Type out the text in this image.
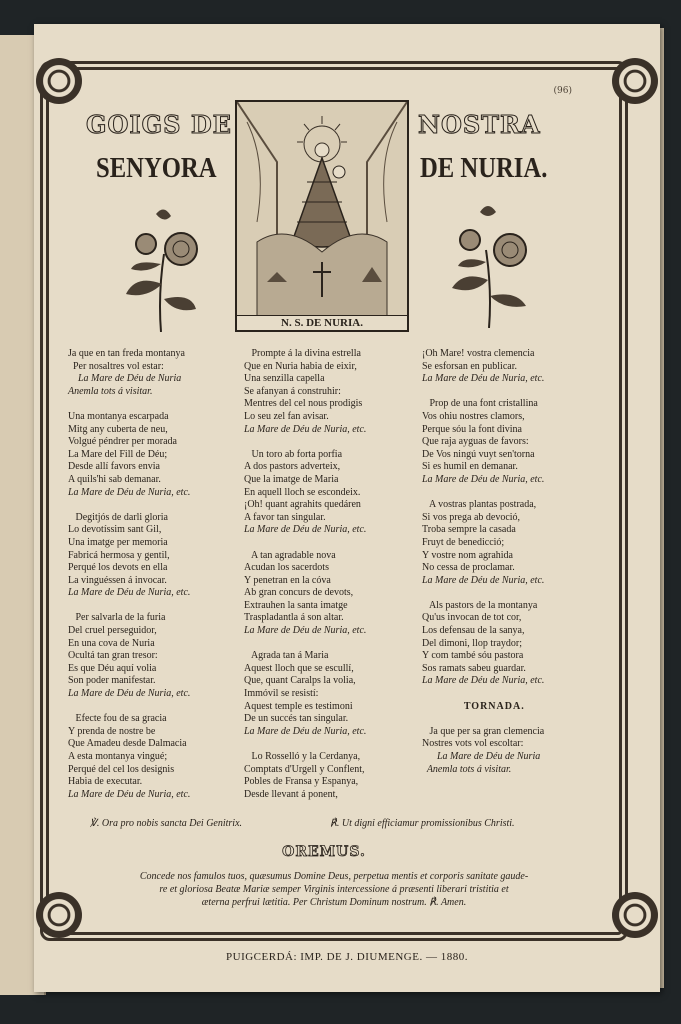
(96)
GOIGS DE	NOSTRA
SENYORA	DE NURIA.
N. S. DE NURIA.
Ja que en tan freda montanya
Per nosaltres vol estar:
La Mare de Déu de Nuria
Anemla tots á visitar.

Una montanya escarpada
Mitg any cuberta de neu,
Volgué péndrer per morada
La Mare del Fill de Déu;
Desde allí favors envia
A quils'hi sab demanar.
La Mare de Déu de Nuria, etc.

Degitjós de darli gloria
Lo devotíssim sant Gil,
Una imatge per memoria
Fabricá hermosa y gentil,
Perqué los devots en ella
La vinguéssen á invocar.
La Mare de Déu de Nuria, etc.

Per salvarla de la furia
Del cruel perseguidor,
En una cova de Nuria
Ocultá tan gran tresor:
Es que Déu aquí volia
Son poder manifestar.
La Mare de Déu de Nuria, etc.

Efecte fou de sa gracia
Y prenda de nostre be
Que Amadeu desde Dalmacia
A esta montanya vingué;
Perqué del cel los designis
Habia de executar.
La Mare de Déu de Nuria, etc.
Prompte á la divina estrella
Que en Nuria habia de eixir,
Una senzilla capella
Se afanyan á construhir:
Mentres del cel nous prodigis
Lo seu zel fan avisar.
La Mare de Déu de Nuria, etc.

Un toro ab forta porfia
A dos pastors adverteix,
Que la imatge de Maria
En aquell lloch se escondeix.
¡Oh! quant agrahits quedáren
A favor tan singular.
La Mare de Déu de Nuria, etc.

A tan agradable nova
Acudan los sacerdots
Y penetran en la cóva
Ab gran concurs de devots,
Extrauhen la santa imatge
Traspladantla á son altar.
La Mare de Déu de Nuria, etc.

Agrada tan á Maria
Aquest lloch que se escullí,
Que, quant Caralps la volia,
Immóvil se resistí:
Aquest temple es testimoni
De un succés tan singular.
La Mare de Déu de Nuria, etc.

Lo Rosselló y la Cerdanya,
Comptats d'Urgell y Conflent,
Pobles de Fransa y Espanya,
Desde llevant á ponent,
¡Oh Mare! vostra clemencia
Se esforsan en publicar.
La Mare de Déu de Nuria, etc.

Prop de una font cristallina
Vos ohiu nostres clamors,
Perque sóu la font divina
Que raja ayguas de favors:
De Vos ningú vuyt sen'torna
Si es humil en demanar.
La Mare de Déu de Nuria, etc.

A vostras plantas postrada,
Si vos prega ab devoció,
Troba sempre la casada
Fruyt de benedicció;
Y vostre nom agrahida
No cessa de proclamar.
La Mare de Déu de Nuria, etc.

Als pastors de la montanya
Qu'us invocan de tot cor,
Los defensau de la sanya,
Del dimoni, llop traydor;
Y com també sóu pastora
Sos ramats sabeu guardar.
La Mare de Déu de Nuria, etc.

TORNADA.

Ja que per sa gran clemencia
Nostres vots vol escoltar:
La Mare de Déu de Nuria
Anemla tots á visitar.
℣. Ora pro nobis sancta Dei Genitrix.	℟. Ut digni efficiamur promissionibus Christi.
OREMUS.
Concede nos famulos tuos, quæsumus Domine Deus, perpetua mentis et corporis sanitate gaude-
re et gloriosa Beatæ Mariæ semper Virginis intercessione á præsenti liberari tristitia et
æterna perfrui lætitia. Per Christum Dominum nostrum. ℟. Amen.
PUIGCERDÁ: IMP. DE J. DIUMENGE. — 1880.
